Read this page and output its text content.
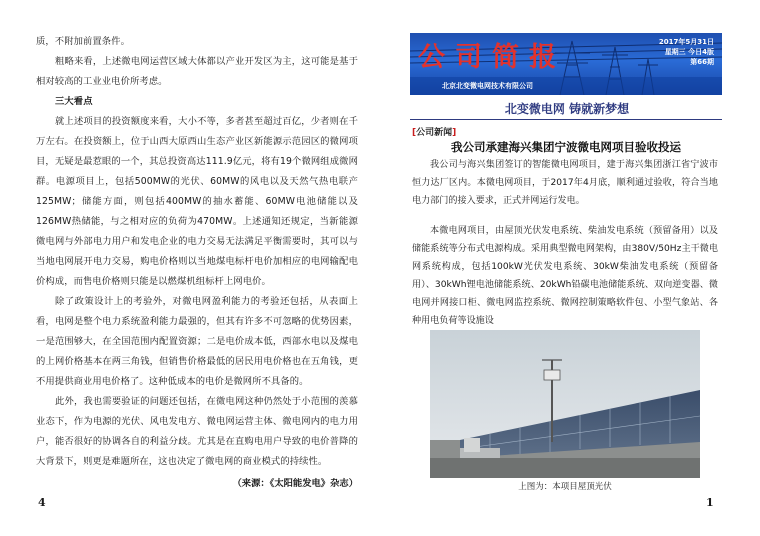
质，不附加前置条件。

粗略来看，上述微电网运营区域大体都以产业开发区为主，这可能是基于相对较高的工业业电价所考虑。

三大看点

就上述项目的投资额度来看，大小不等，多者甚至超过百亿，少者则在千万左右。在投资额上，位于山西大原西山生态产业区新能源示范园区的微网项目，无疑是最惹眼的一个，其总投资高达111.9亿元，将有19个微网组成微网群。电源项目上，包括500MW的光伏、60MW的风电以及天然气热电联产125MW；储能方面，则包括400MW的抽水蓄能、60MW电池储能以及126MW热储能，与之相对应的负荷为470MW。上述通知还规定，当新能源微电网与外部电力用户和发电企业的电力交易无法满足平衡需要时，其可以与当地电网展开电力交易，购电价格则以当地煤电标杆电价加相应的电网输配电价构成，而售电价格则只能是以燃煤机组标杆上网电价。

除了政策设计上的考验外，对微电网盈利能力的考验还包括，从表面上看，电网是整个电力系统盈利能力最强的，但其有许多不可忽略的优势因素，一是范围够大，在全国范围内配置资源；二是电价成本低，西部水电以及煤电的上网价格基本在两三角钱，但销售价格最低的居民用电价格也在五角钱，更不用提供商业用电价格了。这种低成本的电价是微网所不具备的。

此外，我也需要验证的问题还包括，在微电网这种仍然处于小范围的羡慕业态下，作为电源的光伏、风电发电方、微电网运营主体、微电网内的电力用户，能否很好的协调各自的利益分歧。尤其是在直购电用户导致的电价普降的大背景下，则更是难题所在，这也决定了微电网的商业模式的持续性。

（来源：《太阳能发电》杂志）
4
公司简报	2017年5月31日
星期三 今日4版
第66期
北京北变微电网技术有限公司
北变微电网 铸就新梦想
[公司新闻]
我公司承建海兴集团宁波微电网项目验收投运

我公司与海兴集团签订的智能微电网项目，建于海兴集团浙江省宁波市恒力达厂区内。本微电网项目，于2017年4月底，顺利通过验收，符合当地电力部门的接入要求，正式并网运行发电。

本微电网项目，由屋顶光伏发电系统、柴油发电系统（预留备用）以及储能系统等分布式电源构成。采用典型微电网架构，由380V/50Hz主干微电网系统构成，包括100kW光伏发电系统、30kW柴油发电系统（预留备用）、30kWh锂电池储能系统、20kWh铅碳电池储能系统、双向逆变器、微电网并网接口柜、微电网监控系统、微网控制策略软件包、小型气象站、各种用电负荷等设施设

上图为：本项目屋顶光伏
1
